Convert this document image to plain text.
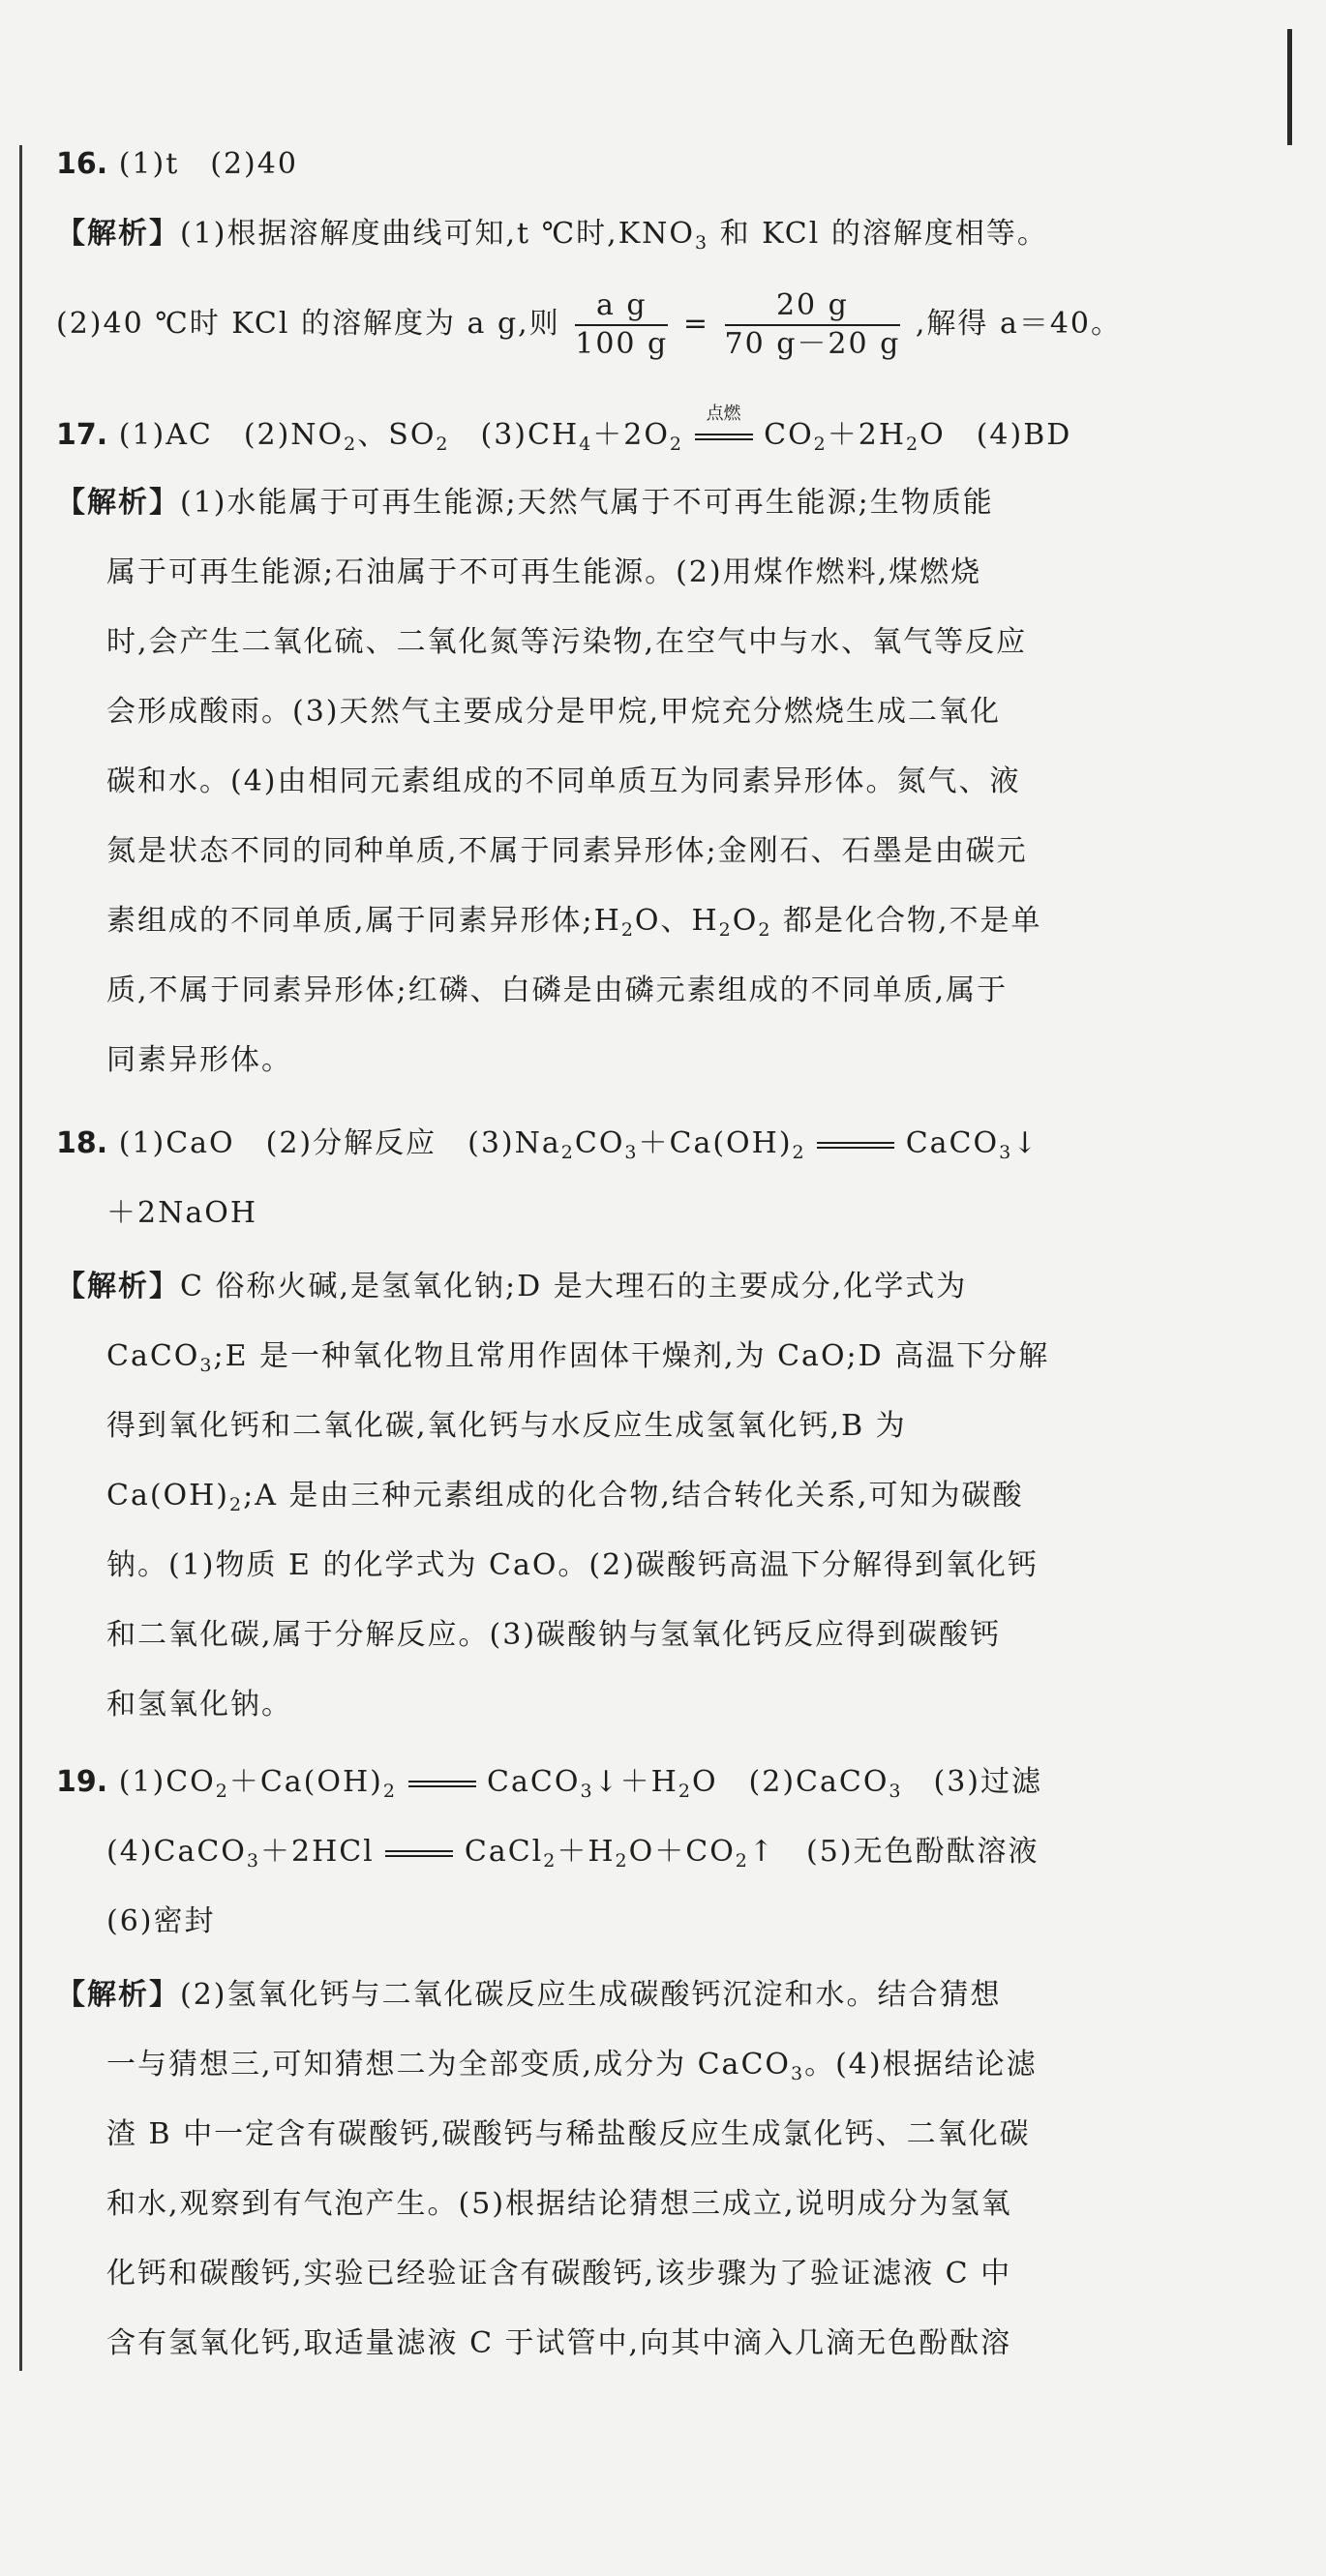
16. (1)t　(2)40
【解析】(1)根据溶解度曲线可知,t ℃时$,KNO_3$ 和 KCl 的溶解度相等。
(2)40 ℃时 KCl 的溶解度为 a g,则 $\frac{\text{a g}}{100 g} = \frac{20 g}{70 g-20 g}$ ,解得 a＝40。
17. (1)AC　$(2)NO_2$、$SO_2$　$(3)CH_4+2O_2$
点燃
$CO_2+2H_2O$　(4)BD
【解析】(1)水能属于可再生能源;天然气属于不可再生能源;生物质能
属于可再生能源;石油属于不可再生能源。(2)用煤作燃料,煤燃烧
时,会产生二氧化硫、二氧化氮等污染物,在空气中与水、氧气等反应
会形成酸雨。(3)天然气主要成分是甲烷,甲烷充分燃烧生成二氧化
碳和水。(4)由相同元素组成的不同单质互为同素异形体。氮气、液
氮是状态不同的同种单质,不属于同素异形体;金刚石、石墨是由碳元
素组成的不同单质,属于同素异形体$;H_2O$、$H_2O_2$ 都是化合物,不是单
质,不属于同素异形体;红磷、白磷是由磷元素组成的不同单质,属于
同素异形体。
18. (1)CaO　(2)分解反应　$(3)Na_2CO_3+Ca(OH)_2$	CaCO$_3$↓
＋2NaOH
【解析】C 俗称火碱,是氢氧化钠;D 是大理石的主要成分,化学式为
CaCO$_3$;E 是一种氧化物且常用作固体干燥剂,为 CaO;D 高温下分解
得到氧化钙和二氧化碳,氧化钙与水反应生成氢氧化钙,B 为
$Ca(OH)_2;A$ 是由三种元素组成的化合物,结合转化关系,可知为碳酸
钠。(1)物质 E 的化学式为 CaO。(2)碳酸钙高温下分解得到氧化钙
和二氧化碳,属于分解反应。(3)碳酸钠与氢氧化钙反应得到碳酸钙
和氢氧化钠。
19. $(1)CO_2+Ca(OH)_2$	$CaCO_3↓+H_2O$　(2)CaCO$_3$　(3)过滤
(4)CaCO$_3$＋2HCl	$CaCl_2+H_2O+CO_2↑$　(5)无色酚酞溶液
(6)密封
【解析】(2)氢氧化钙与二氧化碳反应生成碳酸钙沉淀和水。结合猜想
一与猜想三,可知猜想二为全部变质,成分为 CaCO$_3$。(4)根据结论滤
渣 B 中一定含有碳酸钙,碳酸钙与稀盐酸反应生成氯化钙、二氧化碳
和水,观察到有气泡产生。(5)根据结论猜想三成立,说明成分为氢氧
化钙和碳酸钙,实验已经验证含有碳酸钙,该步骤为了验证滤液 C 中
含有氢氧化钙,取适量滤液 C 于试管中,向其中滴入几滴无色酚酞溶
